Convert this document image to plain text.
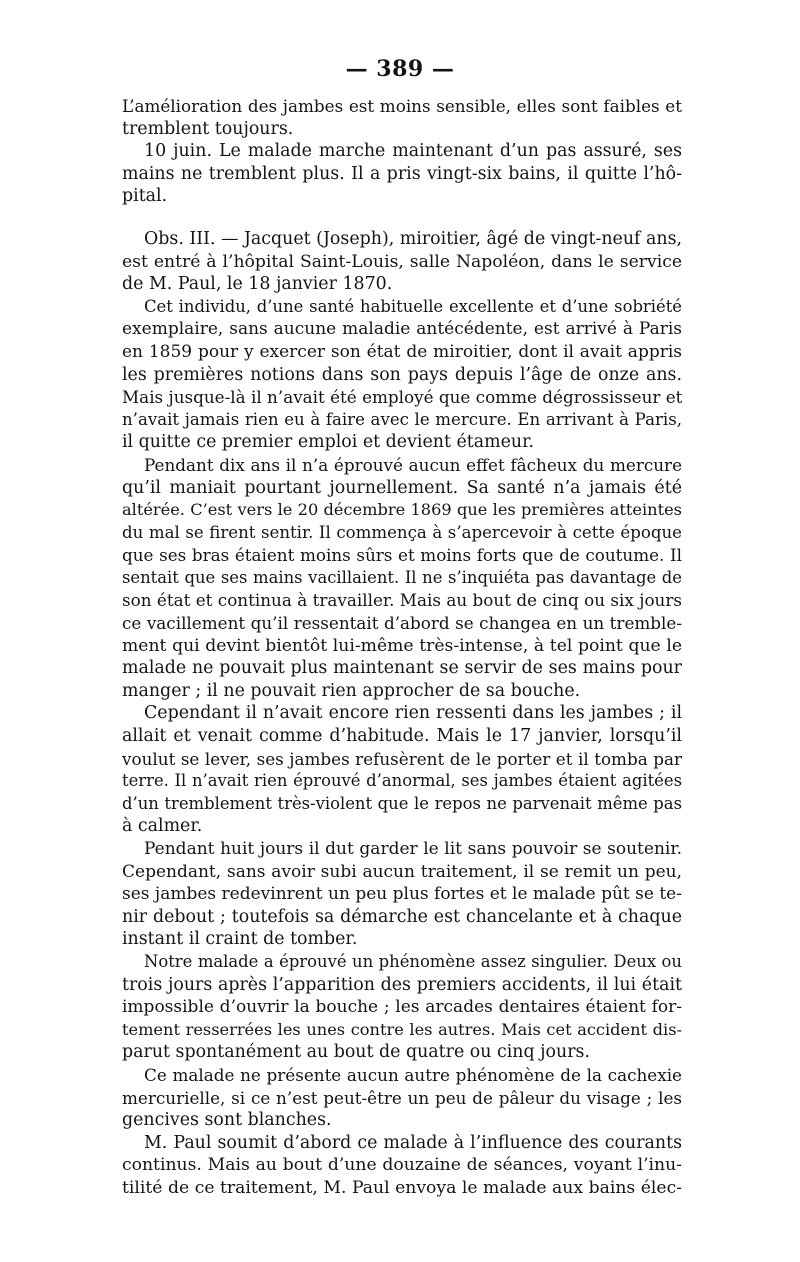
— 389 —
L’amélioration des jambes est moins sensible, elles sont faibles et
tremblent toujours.
10 juin. Le malade marche maintenant d’un pas assuré, ses
mains ne tremblent plus. Il a pris vingt-six bains, il quitte l’hô-
pital.
Obs. III. — Jacquet (Joseph), miroitier, âgé de vingt-neuf ans,
est entré à l’hôpital Saint-Louis, salle Napoléon, dans le service
de M. Paul, le 18 janvier 1870.
Cet individu, d’une santé habituelle excellente et d’une sobriété
exemplaire, sans aucune maladie antécédente, est arrivé à Paris
en 1859 pour y exercer son état de miroitier, dont il avait appris
les premières notions dans son pays depuis l’âge de onze ans.
Mais jusque-là il n’avait été employé que comme dégrossisseur et
n’avait jamais rien eu à faire avec le mercure. En arrivant à Paris,
il quitte ce premier emploi et devient étameur.
Pendant dix ans il n’a éprouvé aucun effet fâcheux du mercure
qu’il maniait pourtant journellement. Sa santé n’a jamais été
altérée. C’est vers le 20 décembre 1869 que les premières atteintes
du mal se firent sentir. Il commença à s’apercevoir à cette époque
que ses bras étaient moins sûrs et moins forts que de coutume. Il
sentait que ses mains vacillaient. Il ne s’inquiéta pas davantage de
son état et continua à travailler. Mais au bout de cinq ou six jours
ce vacillement qu’il ressentait d’abord se changea en un tremble-
ment qui devint bientôt lui-même très-intense, à tel point que le
malade ne pouvait plus maintenant se servir de ses mains pour
manger ; il ne pouvait rien approcher de sa bouche.
Cependant il n’avait encore rien ressenti dans les jambes ; il
allait et venait comme d’habitude. Mais le 17 janvier, lorsqu’il
voulut se lever, ses jambes refusèrent de le porter et il tomba par
terre. Il n’avait rien éprouvé d’anormal, ses jambes étaient agitées
d’un tremblement très-violent que le repos ne parvenait même pas
à calmer.
Pendant huit jours il dut garder le lit sans pouvoir se soutenir.
Cependant, sans avoir subi aucun traitement, il se remit un peu,
ses jambes redevinrent un peu plus fortes et le malade pût se te-
nir debout ; toutefois sa démarche est chancelante et à chaque
instant il craint de tomber.
Notre malade a éprouvé un phénomène assez singulier. Deux ou
trois jours après l’apparition des premiers accidents, il lui était
impossible d’ouvrir la bouche ; les arcades dentaires étaient for-
tement resserrées les unes contre les autres. Mais cet accident dis-
parut spontanément au bout de quatre ou cinq jours.
Ce malade ne présente aucun autre phénomène de la cachexie
mercurielle, si ce n’est peut-être un peu de pâleur du visage ; les
gencives sont blanches.
M. Paul soumit d’abord ce malade à l’influence des courants
continus. Mais au bout d’une douzaine de séances, voyant l’inu-
tilité de ce traitement, M. Paul envoya le malade aux bains élec-
